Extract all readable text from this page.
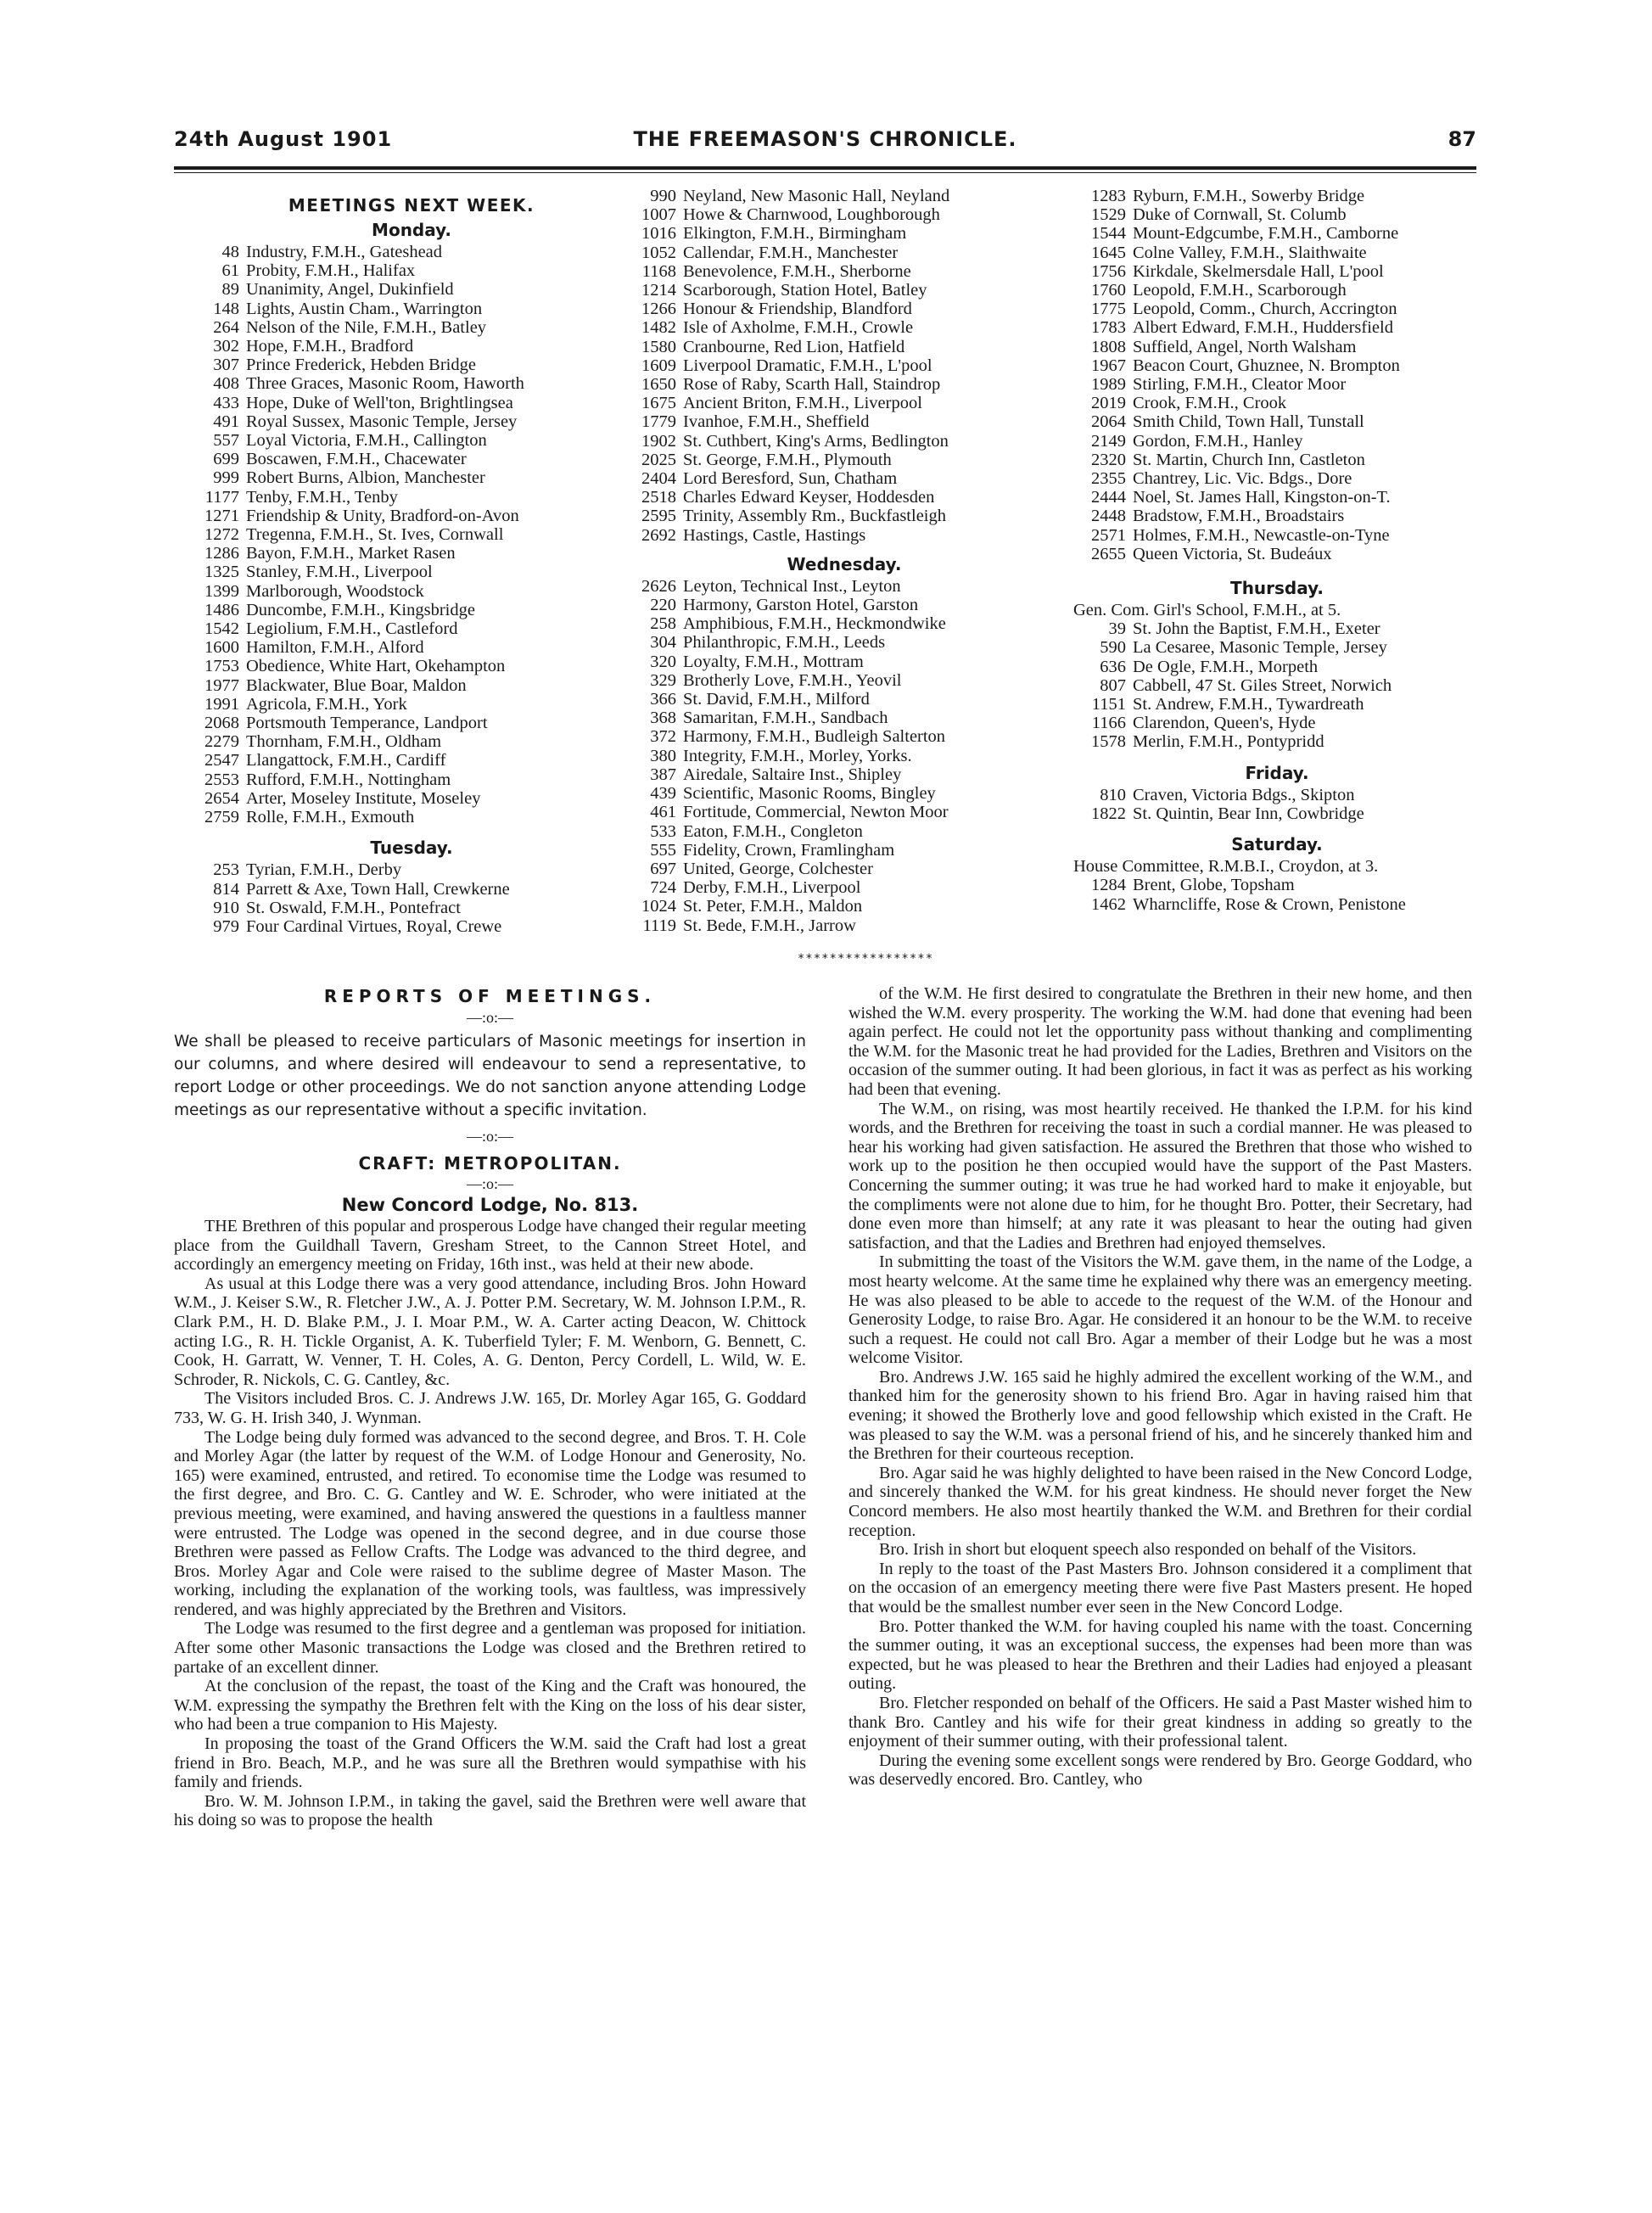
24th August 1901	THE FREEMASON'S CHRONICLE.	87

MEETINGS NEXT WEEK.

Monday.

48 Industry, F.M.H., Gateshead
61 Probity, F.M.H., Halifax
89 Unanimity, Angel, Dukinfield
148 Lights, Austin Cham., Warrington
264 Nelson of the Nile, F.M.H., Batley
302 Hope, F.M.H., Bradford
307 Prince Frederick, Hebden Bridge
408 Three Graces, Masonic Room, Haworth
433 Hope, Duke of Well'ton, Brightlingsea
491 Royal Sussex, Masonic Temple, Jersey
557 Loyal Victoria, F.M.H., Callington
699 Boscawen, F.M.H., Chacewater
999 Robert Burns, Albion, Manchester
1177 Tenby, F.M.H., Tenby
1271 Friendship & Unity, Bradford-on-Avon
1272 Tregenna, F.M.H., St. Ives, Cornwall
1286 Bayon, F.M.H., Market Rasen
1325 Stanley, F.M.H., Liverpool
1399 Marlborough, Woodstock
1486 Duncombe, F.M.H., Kingsbridge
1542 Legiolium, F.M.H., Castleford
1600 Hamilton, F.M.H., Alford
1753 Obedience, White Hart, Okehampton
1977 Blackwater, Blue Boar, Maldon
1991 Agricola, F.M.H., York
2068 Portsmouth Temperance, Landport
2279 Thornham, F.M.H., Oldham
2547 Llangattock, F.M.H., Cardiff
2553 Rufford, F.M.H., Nottingham
2654 Arter, Moseley Institute, Moseley
2759 Rolle, F.M.H., Exmouth

Tuesday.

253 Tyrian, F.M.H., Derby
814 Parrett & Axe, Town Hall, Crewkerne
910 St. Oswald, F.M.H., Pontefract
979 Four Cardinal Virtues, Royal, Crewe
990 Neyland, New Masonic Hall, Neyland
1007 Howe & Charnwood, Loughborough
1016 Elkington, F.M.H., Birmingham
1052 Callendar, F.M.H., Manchester
1168 Benevolence, F.M.H., Sherborne
1214 Scarborough, Station Hotel, Batley
1266 Honour & Friendship, Blandford
1482 Isle of Axholme, F.M.H., Crowle
1580 Cranbourne, Red Lion, Hatfield
1609 Liverpool Dramatic, F.M.H., L'pool
1650 Rose of Raby, Scarth Hall, Staindrop
1675 Ancient Briton, F.M.H., Liverpool
1779 Ivanhoe, F.M.H., Sheffield
1902 St. Cuthbert, King's Arms, Bedlington
2025 St. George, F.M.H., Plymouth
2404 Lord Beresford, Sun, Chatham
2518 Charles Edward Keyser, Hoddesden
2595 Trinity, Assembly Rm., Buckfastleigh
2692 Hastings, Castle, Hastings

Wednesday.

2626 Leyton, Technical Inst., Leyton
220 Harmony, Garston Hotel, Garston
258 Amphibious, F.M.H., Heckmondwike
304 Philanthropic, F.M.H., Leeds
320 Loyalty, F.M.H., Mottram
329 Brotherly Love, F.M.H., Yeovil
366 St. David, F.M.H., Milford
368 Samaritan, F.M.H., Sandbach
372 Harmony, F.M.H., Budleigh Salterton
380 Integrity, F.M.H., Morley, Yorks.
387 Airedale, Saltaire Inst., Shipley
439 Scientific, Masonic Rooms, Bingley
461 Fortitude, Commercial, Newton Moor
533 Eaton, F.M.H., Congleton
555 Fidelity, Crown, Framlingham
697 United, George, Colchester
724 Derby, F.M.H., Liverpool
1024 St. Peter, F.M.H., Maldon
1119 St. Bede, F.M.H., Jarrow
1283 Ryburn, F.M.H., Sowerby Bridge
1529 Duke of Cornwall, St. Columb
1544 Mount-Edgcumbe, F.M.H., Camborne
1645 Colne Valley, F.M.H., Slaithwaite
1756 Kirkdale, Skelmersdale Hall, L'pool
1760 Leopold, F.M.H., Scarborough
1775 Leopold, Comm., Church, Accrington
1783 Albert Edward, F.M.H., Huddersfield
1808 Suffield, Angel, North Walsham
1967 Beacon Court, Ghuznee, N. Brompton
1989 Stirling, F.M.H., Cleator Moor
2019 Crook, F.M.H., Crook
2064 Smith Child, Town Hall, Tunstall
2149 Gordon, F.M.H., Hanley
2320 St. Martin, Church Inn, Castleton
2355 Chantrey, Lic. Vic. Bdgs., Dore
2444 Noel, St. James Hall, Kingston-on-T.
2448 Bradstow, F.M.H., Broadstairs
2571 Holmes, F.M.H., Newcastle-on-Tyne
2655 Queen Victoria, St. Budeáux

Thursday.

Gen. Com. Girl's School, F.M.H., at 5.

39 St. John the Baptist, F.M.H., Exeter
590 La Cesaree, Masonic Temple, Jersey
636 De Ogle, F.M.H., Morpeth
807 Cabbell, 47 St. Giles Street, Norwich
1151 St. Andrew, F.M.H., Tywardreath
1166 Clarendon, Queen's, Hyde
1578 Merlin, F.M.H., Pontypridd

Friday.

810 Craven, Victoria Bdgs., Skipton
1822 St. Quintin, Bear Inn, Cowbridge

Saturday.

House Committee, R.M.B.I., Croydon, at 3.

1284 Brent, Globe, Topsham
1462 Wharncliffe, Rose & Crown, Penistone
*****************

REPORTS OF MEETINGS.

—:o:—

We shall be pleased to receive particulars of Masonic meetings for insertion in our columns, and where desired will endeavour to send a representative, to report Lodge or other proceedings. We do not sanction anyone attending Lodge meetings as our representative without a specific invitation.

—:o:—

CRAFT: METROPOLITAN.

—:o:—

New Concord Lodge, No. 813.

THE Brethren of this popular and prosperous Lodge have changed their regular meeting place from the Guildhall Tavern, Gresham Street, to the Cannon Street Hotel, and accordingly an emergency meeting on Friday, 16th inst., was held at their new abode.

As usual at this Lodge there was a very good attendance, including Bros. John Howard W.M., J. Keiser S.W., R. Fletcher J.W., A. J. Potter P.M. Secretary, W. M. Johnson I.P.M., R. Clark P.M., H. D. Blake P.M., J. I. Moar P.M., W. A. Carter acting Deacon, W. Chittock acting I.G., R. H. Tickle Organist, A. K. Tuberfield Tyler; F. M. Wenborn, G. Bennett, C. Cook, H. Garratt, W. Venner, T. H. Coles, A. G. Denton, Percy Cordell, L. Wild, W. E. Schroder, R. Nickols, C. G. Cantley, &c.

The Visitors included Bros. C. J. Andrews J.W. 165, Dr. Morley Agar 165, G. Goddard 733, W. G. H. Irish 340, J. Wynman.

The Lodge being duly formed was advanced to the second degree, and Bros. T. H. Cole and Morley Agar (the latter by request of the W.M. of Lodge Honour and Generosity, No. 165) were examined, entrusted, and retired. To economise time the Lodge was resumed to the first degree, and Bro. C. G. Cantley and W. E. Schroder, who were initiated at the previous meeting, were examined, and having answered the questions in a faultless manner were entrusted. The Lodge was opened in the second degree, and in due course those Brethren were passed as Fellow Crafts. The Lodge was advanced to the third degree, and Bros. Morley Agar and Cole were raised to the sublime degree of Master Mason. The working, including the explanation of the working tools, was faultless, was impressively rendered, and was highly appreciated by the Brethren and Visitors.

The Lodge was resumed to the first degree and a gentleman was proposed for initiation. After some other Masonic transactions the Lodge was closed and the Brethren retired to partake of an excellent dinner.

At the conclusion of the repast, the toast of the King and the Craft was honoured, the W.M. expressing the sympathy the Brethren felt with the King on the loss of his dear sister, who had been a true companion to His Majesty.

In proposing the toast of the Grand Officers the W.M. said the Craft had lost a great friend in Bro. Beach, M.P., and he was sure all the Brethren would sympathise with his family and friends.

Bro. W. M. Johnson I.P.M., in taking the gavel, said the Brethren were well aware that his doing so was to propose the health

of the W.M. He first desired to congratulate the Brethren in their new home, and then wished the W.M. every prosperity. The working the W.M. had done that evening had been again perfect. He could not let the opportunity pass without thanking and complimenting the W.M. for the Masonic treat he had provided for the Ladies, Brethren and Visitors on the occasion of the summer outing. It had been glorious, in fact it was as perfect as his working had been that evening.

The W.M., on rising, was most heartily received. He thanked the I.P.M. for his kind words, and the Brethren for receiving the toast in such a cordial manner. He was pleased to hear his working had given satisfaction. He assured the Brethren that those who wished to work up to the position he then occupied would have the support of the Past Masters. Concerning the summer outing; it was true he had worked hard to make it enjoyable, but the compliments were not alone due to him, for he thought Bro. Potter, their Secretary, had done even more than himself; at any rate it was pleasant to hear the outing had given satisfaction, and that the Ladies and Brethren had enjoyed themselves.

In submitting the toast of the Visitors the W.M. gave them, in the name of the Lodge, a most hearty welcome. At the same time he explained why there was an emergency meeting. He was also pleased to be able to accede to the request of the W.M. of the Honour and Generosity Lodge, to raise Bro. Agar. He considered it an honour to be the W.M. to receive such a request. He could not call Bro. Agar a member of their Lodge but he was a most welcome Visitor.

Bro. Andrews J.W. 165 said he highly admired the excellent working of the W.M., and thanked him for the generosity shown to his friend Bro. Agar in having raised him that evening; it showed the Brotherly love and good fellowship which existed in the Craft. He was pleased to say the W.M. was a personal friend of his, and he sincerely thanked him and the Brethren for their courteous reception.

Bro. Agar said he was highly delighted to have been raised in the New Concord Lodge, and sincerely thanked the W.M. for his great kindness. He should never forget the New Concord members. He also most heartily thanked the W.M. and Brethren for their cordial reception.

Bro. Irish in short but eloquent speech also responded on behalf of the Visitors.

In reply to the toast of the Past Masters Bro. Johnson considered it a compliment that on the occasion of an emergency meeting there were five Past Masters present. He hoped that would be the smallest number ever seen in the New Concord Lodge.

Bro. Potter thanked the W.M. for having coupled his name with the toast. Concerning the summer outing, it was an exceptional success, the expenses had been more than was expected, but he was pleased to hear the Brethren and their Ladies had enjoyed a pleasant outing.

Bro. Fletcher responded on behalf of the Officers. He said a Past Master wished him to thank Bro. Cantley and his wife for their great kindness in adding so greatly to the enjoyment of their summer outing, with their professional talent.

During the evening some excellent songs were rendered by Bro. George Goddard, who was deservedly encored. Bro. Cantley, who
